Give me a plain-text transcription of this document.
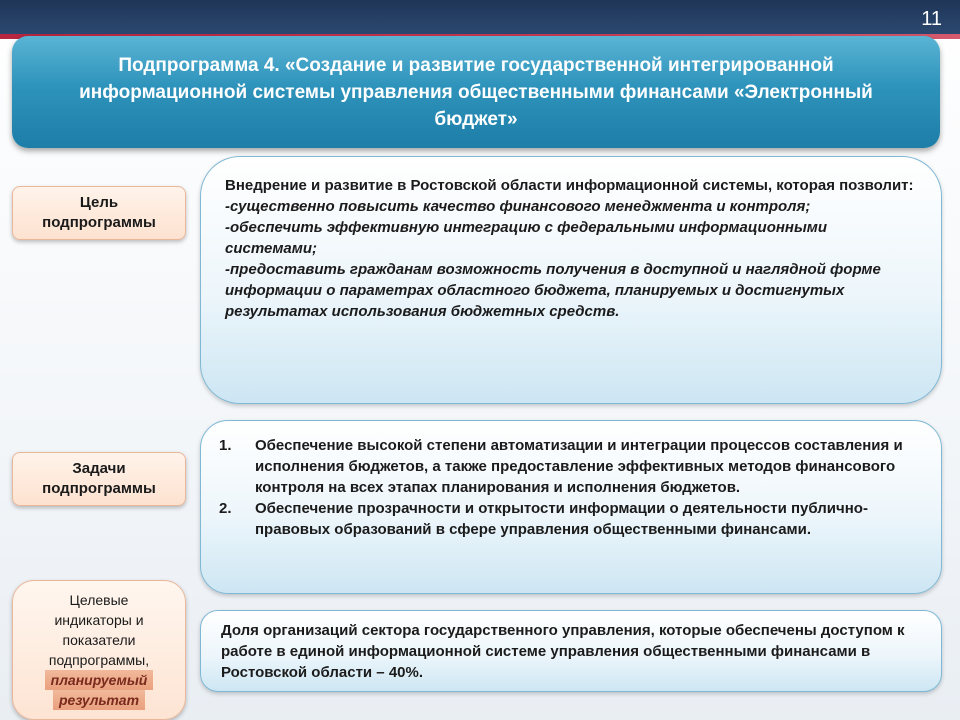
11
Подпрограмма 4. «Создание и развитие государственной интегрированной информационной системы управления общественными финансами «Электронный бюджет»
Цель
подпрограммы
Внедрение и развитие в Ростовской области информационной системы, которая позволит:
-существенно повысить качество финансового менеджмента и контроля;
-обеспечить эффективную интеграцию с федеральными информационными системами;
-предоставить гражданам возможность получения в доступной и наглядной форме информации о параметрах областного бюджета, планируемых и достигнутых результатах использования бюджетных средств.
Задачи
подпрограммы
1. Обеспечение высокой степени автоматизации и интеграции процессов составления и исполнения бюджетов, а также предоставление эффективных методов финансового контроля на всех этапах планирования и исполнения бюджетов.
2. Обеспечение прозрачности и открытости информации о деятельности публично-правовых образований в сфере управления общественными финансами.
Целевые
индикаторы и
показатели
подпрограммы,
планируемый
результат
Доля организаций сектора государственного управления, которые обеспечены доступом к работе в единой информационной системе управления общественными финансами в Ростовской области – 40%.
